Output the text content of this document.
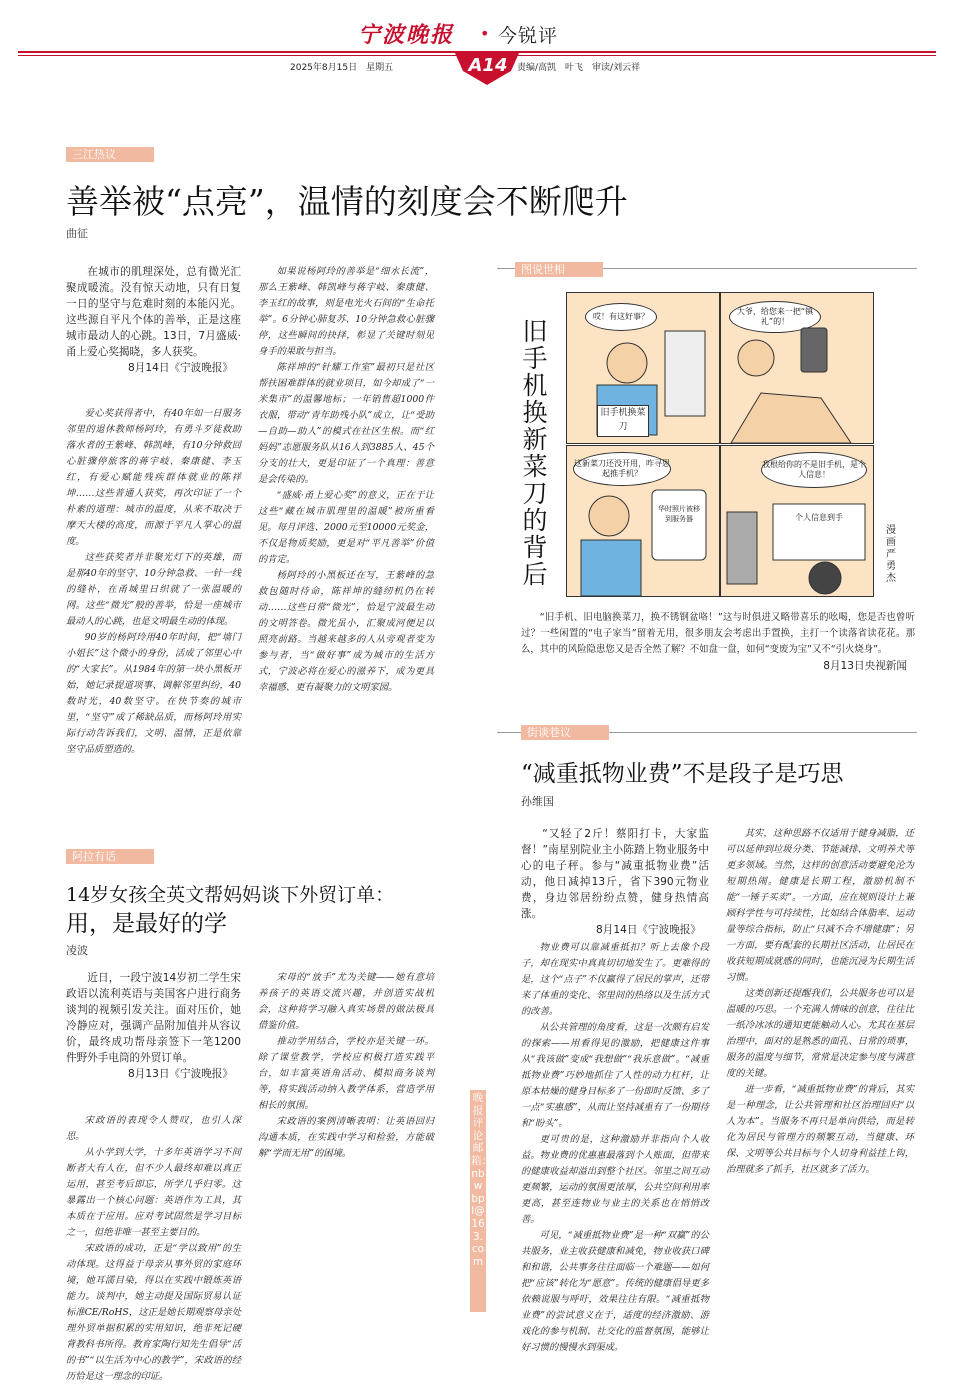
宁波晚报 • 今锐评
2025年8月15日　星期五	A14	责编/高凯　叶飞　审读/刘云祥
三江热议
善举被“点亮”，温情的刻度会不断爬升
曲征

在城市的肌理深处，总有微光汇聚成暖流。没有惊天动地，只有日复一日的坚守与危难时刻的本能闪光。这些源自平凡个体的善举，正是这座城市最动人的心跳。13日，7月盛威·甬上爱心奖揭晓，多人获奖。

8月14日《宁波晚报》

爱心奖获得者中，有40年如一日服务邻里的退休教师杨阿玲，有勇斗歹徒救助落水者的王紫峰、韩凯峰，有10分钟救回心脏骤停旅客的蒋宇岐、秦康健、李玉红，有爱心赋能残疾群体就业的陈祥坤……这些普通人获奖，再次印证了一个朴素的道理：城市的温度，从来不取决于摩天大楼的高度，而源于平凡人掌心的温度。

这些获奖者并非聚光灯下的英雄，而是那40年的坚守、10分钟急救、一针一线的缝补，在甬城里日织就了一张温暖的网。这些“微光”般的善举，恰是一座城市最动人的心跳，也是文明最生动的体现。

90岁的杨阿玲用40年时间，把“墙门小姐长”这个微小的身份，活成了邻里心中的“大家长”。从1984年的第一块小黑板开始，她记录提道项事、调解邻里纠纷，40数时光，40数坚守。在快节奏的城市里，“坚守”成了稀缺品质，而杨阿玲用实际行动告诉我们，文明、温情，正是依靠坚守品质塑造的。

如果说杨阿玲的善举是“细水长流”，那么王紫峰、韩凯峰与蒋宇岐、秦康健、李玉红的故事，则是电光火石间的“生命托举”。6分钟心肺复苏、10分钟急救心脏骤停，这些瞬间的抉择，彰显了关键时刻见身手的果敢与担当。

陈祥坤的“针耀工作室”最初只是社区帮扶困难群体的就业项目，如今却成了“一米集市”的温馨地标；一年销售超1000件衣服，带动“青年助残小队”成立，让“受助—自助—助人”的模式在社区生根。而“红妈妈”志愿服务队从16人到3885人、45个分支的壮大，更是印证了一个真理：善意是会传染的。

“盛威·甬上爱心奖”的意义，正在于让这些“藏在城市肌理里的温暖”被所重看见。每月评选、2000元至10000元奖金，不仅是物质奖励，更是对“平凡善举”价值的肯定。

杨阿玲的小黑板还在写，王紫峰的急救包随时待命，陈祥坤的缝纫机仍在转动……这些日常“微光”，恰是宁波最生动的文明答卷。微光虽小，汇聚成河便足以照亮前路。当越来越多的人从旁观者变为参与者，当“做好事”成为城市的生活方式，宁波必将在爱心的滋养下，成为更具幸福感、更有凝聚力的文明家园。

阿拉有话
14岁女孩全英文帮妈妈谈下外贸订单：
用，是最好的学
凌波

近日，一段宁波14岁初二学生宋政语以流利英语与美国客户进行商务谈判的视频引发关注。面对压价，她冷静应对，强调产品附加值并从容议价，最终成功帮母亲签下一笔1200件野外手电筒的外贸订单。

8月13日《宁波晚报》

宋政语的表现令人赞叹，也引人深思。

从小学到大学，十多年英语学习不间断者大有人在，但不少人最终却难以真正运用，甚至考后即忘，所学几乎归零。这暴露出一个核心问题：英语作为工具，其本质在于应用。应对考试固然是学习目标之一，但绝非唯一甚至主要目的。

宋政语的成功，正是“学以致用”的生动体现。这得益于母亲从事外贸的家庭环境，她耳濡目染，得以在实践中锻炼英语能力。谈判中，她主动提及国际贸易认证标准CE/RoHS，这正是她长期观察母亲处理外贸单据积累的实用知识，绝非死记硬背教科书所得。教育家陶行知先生倡导“活的书”“以生活为中心的教学”，宋政语的经历恰是这一理念的印证。

宋母的“放手”尤为关键——她有意培养孩子的英语交流兴趣，并创造实战机会，这种将学习融入真实场景的做法极具借鉴价值。

推动学用结合，学校亦是关键一环。除了课堂教学，学校应积极打造实践平台，如丰富英语角活动、模拟商务谈判等，将实践活动纳入教学体系，营造学用相长的氛围。

宋政语的案例清晰表明：让英语回归沟通本质，在实践中学习和检验，方能破解“学而无用”的困境。

图说世相
旧手机换新菜刀的背后
哎！有这好事？
旧手机换菜刀
大爷，给您来一把“镇礼”的！
这新菜刀还没开用，咋寻思起推手机？
华时照片被移到服务器
我根给你的不是旧手机，是个人信息！
个人信息到手
漫画　严勇杰

“旧手机、旧电脑换菜刀，换不锈钢盆咯！”这与时俱进又略带喜乐的吆喝，您是否也曾听过？一些闲置的“电子家当”留着无用，很多朋友会考虑出手置换，主打一个读落省读花花。那么，其中的风险隐患您又是否全然了解？不如盘一盘，如何“变废为宝”又不“引火烧身”。

8月13日央视新闻

街谈巷议
“减重抵物业费”不是段子是巧思
孙维国

“又轻了2斤！蔡阳打卡，大家监督！”南星别院业主小陈踏上物业服务中心的电子秤。参与“减重抵物业费”活动，他日减掉13斤，省下390元物业费，身边邻居纷纷点赞，健身热情高涨。

8月14日《宁波晚报》

物业费可以靠减重抵扣？听上去像个段子，却在现实中真真切切地发生了。更难得的是，这个“点子”不仅赢得了居民的掌声，还带来了体重的变化、邻里间的热络以及生活方式的改善。

从公共管理的角度看，这是一次颇有启发的探索——用看得见的激励，把健康这件事从“我该做”变成“我想做”“我乐意做”。“减重抵物业费”巧妙地抓住了人性的动力杠杆，让原本枯燥的健身目标多了一份即时反馈、多了一点“实惠感”，从而让坚持减重有了一份期待和“盼头”。

更可贵的是，这种激励并非指向个人收益。物业费的优惠惠最落到个人账面，但带来的健康收益却溢出到整个社区。邻里之间互动更频繁，运动的氛围更浓厚，公共空间利用率更高，甚至连物业与业主的关系也在悄悄改善。

可见，“减重抵物业费”是一种“双赢”的公共服务，业主收获健康和减免，物业收获口碑和和谐，公共事务往往面临一个难题——如何把“应该”转化为“愿意”。传统的健康倡导更多依赖说服与呼吁，效果往往有限。“减重抵物业费”的尝试意义在于，适度的经济激励、游戏化的参与机制、社交化的监督氛围，能够让好习惯的慢慢水到渠成。

其实，这种思路不仅适用于健身减脂，还可以延伸到垃圾分类、节能减排、文明养犬等更多领域。当然，这样的创意活动要避免沦为短期热闹。健康是长期工程，激励机制不能“一锤子买卖”。一方面，应在规则设计上兼顾科学性与可持续性，比如结合体脂率、运动量等综合指标，防止“只减不合不增健康”；另一方面，要有配套的长期社区活动，让居民在收获短期成就感的同时，也能沉浸为长期生活习惯。

这类创新还提醒我们，公共服务也可以是温暖的巧思。一个充满人情味的创意，往往比一纸冷冰冰的通知更能触动人心。尤其在基层治理中，面对的是熟悉的面孔、日常的琐事，服务的温度与细节，常常是决定参与度与满意度的关键。

进一步看，“减重抵物业费”的背后，其实是一种理念，让公共管理和社区治理回归“以人为本”。当服务不再只是单向供给，而是转化为居民与管理方的频繁互动，当健康、环保、文明等公共目标与个人切身利益挂上钩，治理就多了抓手，社区就多了活力。

晚报评论邮箱：nbwbpl@163.com
